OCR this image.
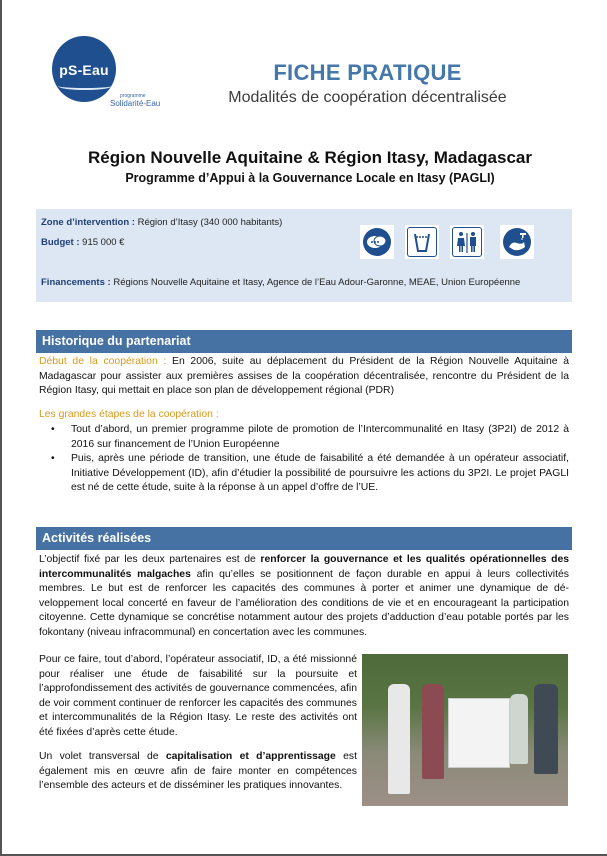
pS-Eau
programme
Solidarité-Eau
FICHE PRATIQUE
Modalités de coopération décentralisée
Région Nouvelle Aquitaine & Région Itasy, Madagascar
Programme d’Appui à la Gouvernance Locale en Itasy (PAGLI)
Zone d’intervention : Région d’Itasy (340 000 habitants)
Budget : 915 000 €
Financements : Régions Nouvelle Aquitaine et Itasy, Agence de l’Eau Adour-Garonne, MEAE, Union Européenne
Historique du partenariat
Début de la coopération : En 2006, suite au déplacement du Président de la Région Nouvelle Aquitaine à Madagascar pour assister aux premières assises de la coopération décentralisée, rencontre du Président de la Région Itasy, qui mettait en place son plan de développement régional (PDR)
Les grandes étapes de la coopération :
• Tout d’abord, un premier programme pilote de promotion de l’Intercommunalité en Itasy (3P2I) de 2012 à 2016 sur financement de l’Union Européenne
• Puis, après une période de transition, une étude de faisabilité a été demandée à un opérateur associatif, Initiative Développement (ID), afin d’étudier la possibilité de poursuivre les actions du 3P2I. Le projet PAGLI est né de cette étude, suite à la réponse à un appel d’offre de l’UE.
Activités réalisées
L’objectif fixé par les deux partenaires est de renforcer la gouvernance et les qualités opérationnelles des intercommunalités malgaches afin qu’elles se positionnent de façon durable en appui à leurs collectivités membres. Le but est de renforcer les capacités des communes à porter et animer une dynamique de développement local concerté en faveur de l’amélioration des conditions de vie et en encourageant la participation citoyenne. Cette dynamique se concrétise notamment autour des projets d’adduction d’eau potable portés par les fokontany (niveau infracommunal) en concertation avec les communes.
Pour ce faire, tout d’abord, l’opérateur associatif, ID, a été missionné pour réaliser une étude de faisabilité sur la poursuite et l’approfondissement des activités de gouvernance commencées, afin de voir comment continuer de renforcer les capacités des communes et intercommunalités de la Région Itasy. Le reste des activités ont été fixées d’après cette étude.
Un volet transversal de capitalisation et d’apprentissage est également mis en œuvre afin de faire monter en compétences l’ensemble des acteurs et de disséminer les pratiques innovantes.
